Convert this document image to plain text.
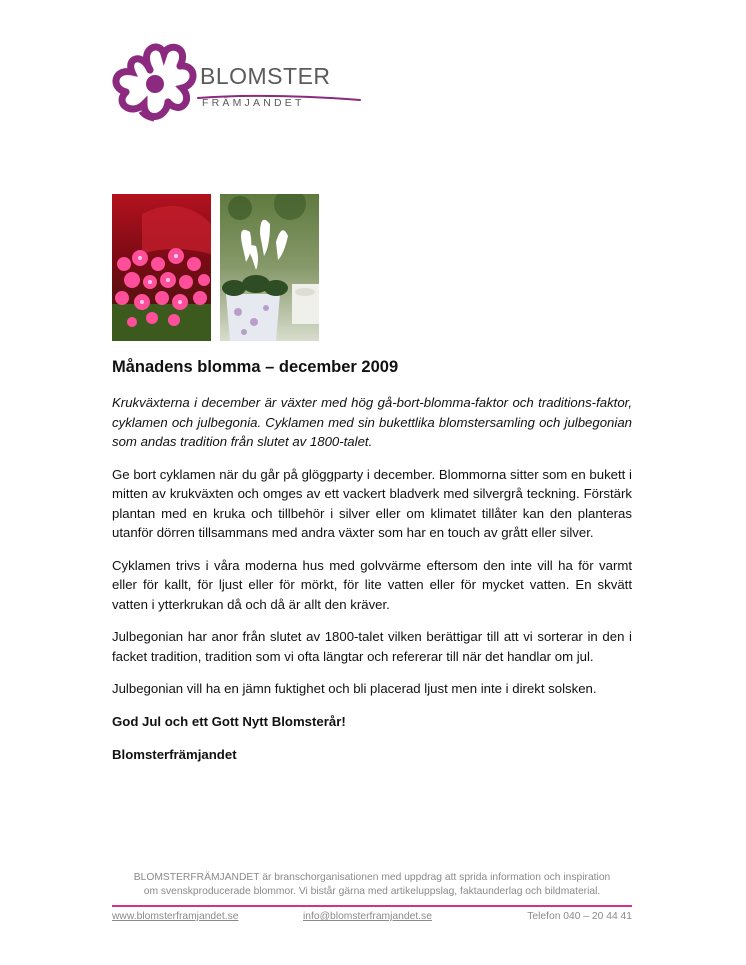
BLOMSTER
FRÄMJANDET
Månadens blomma – december 2009

Krukväxterna i december är växter med hög gå-bort-blomma-faktor och traditions-faktor, cyklamen och julbegonia. Cyklamen med sin bukettlika blomstersamling och julbegonian som andas tradition från slutet av 1800-talet.

Ge bort cyklamen när du går på glöggparty i december. Blommorna sitter som en bukett i mitten av krukväxten och omges av ett vackert bladverk med silvergrå teckning. Förstärk plantan med en kruka och tillbehör i silver eller om klimatet tillåter kan den planteras utanför dörren tillsammans med andra växter som har en touch av grått eller silver.

Cyklamen trivs i våra moderna hus med golvvärme eftersom den inte vill ha för varmt eller för kallt, för ljust eller för mörkt, för lite vatten eller för mycket vatten. En skvätt vatten i ytterkrukan då och då är allt den kräver.

Julbegonian har anor från slutet av 1800-talet vilken berättigar till att vi sorterar in den i facket tradition, tradition som vi ofta längtar och refererar till när det handlar om jul.

Julbegonian vill ha en jämn fuktighet och bli placerad ljust men inte i direkt solsken.

God Jul och ett Gott Nytt Blomsterår!

Blomsterfrämjandet

BLOMSTERFRÄMJANDET är branschorganisationen med uppdrag att sprida information och inspiration
om svenskproducerade blommor. Vi bistår gärna med artikeluppslag, faktaunderlag och bildmaterial.
www.blomsterframjandet.se	info@blomsterframjandet.se	Telefon 040 – 20 44 41
